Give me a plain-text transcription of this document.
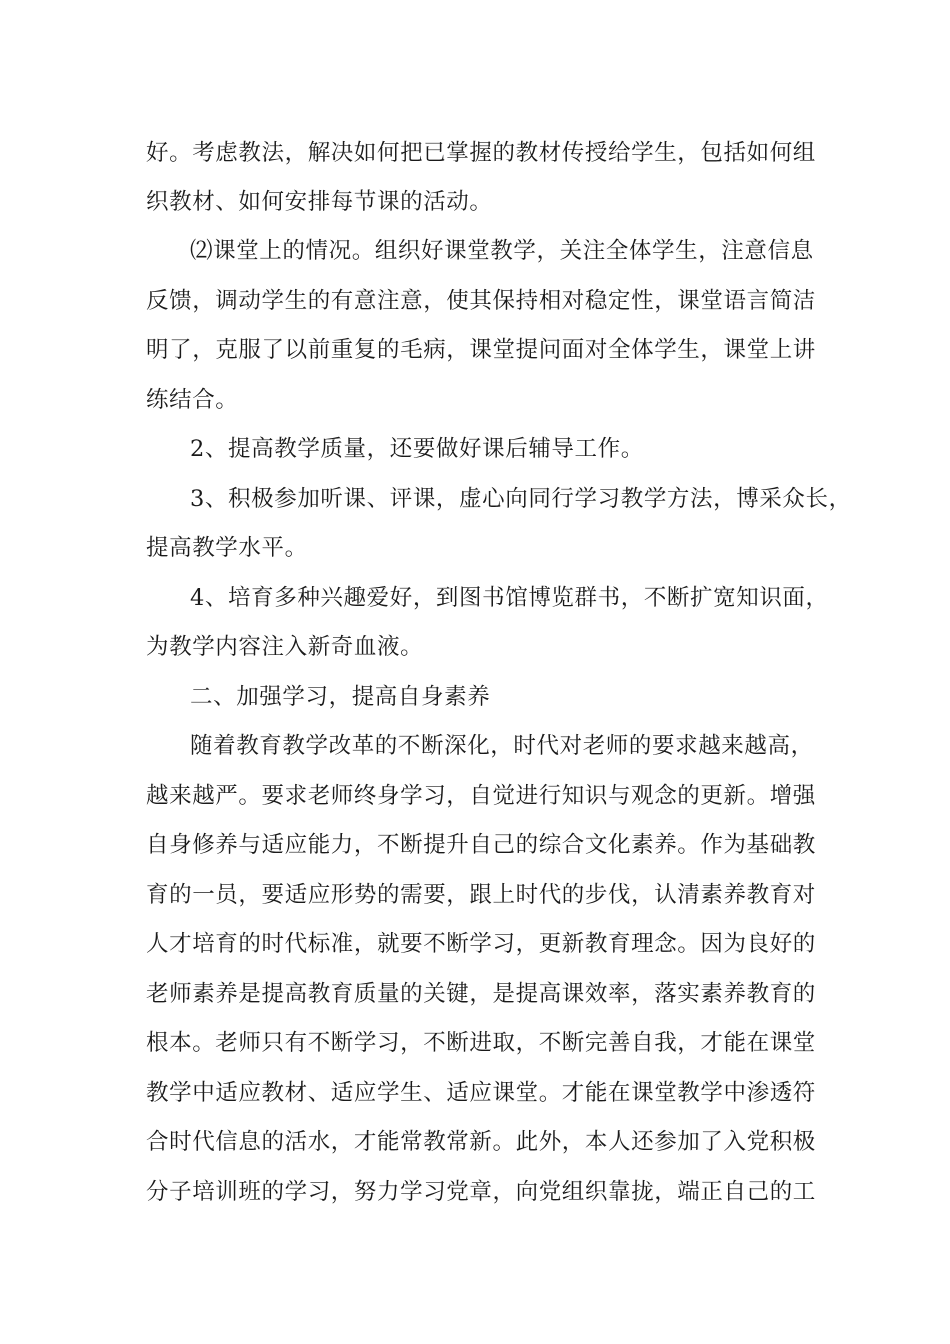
好。考虑教法，解决如何把已掌握的教材传授给学生，包括如何组
织教材、如何安排每节课的活动。
⑵课堂上的情况。组织好课堂教学，关注全体学生，注意信息
反馈，调动学生的有意注意，使其保持相对稳定性，课堂语言简洁
明了，克服了以前重复的毛病，课堂提问面对全体学生，课堂上讲
练结合。
2、提高教学质量，还要做好课后辅导工作。
3、积极参加听课、评课，虚心向同行学习教学方法，博采众长，
提高教学水平。
4、培育多种兴趣爱好，到图书馆博览群书，不断扩宽知识面，
为教学内容注入新奇血液。
二、加强学习，提高自身素养
随着教育教学改革的不断深化，时代对老师的要求越来越高，
越来越严。要求老师终身学习，自觉进行知识与观念的更新。增强
自身修养与适应能力，不断提升自己的综合文化素养。作为基础教
育的一员，要适应形势的需要，跟上时代的步伐，认清素养教育对
人才培育的时代标准，就要不断学习，更新教育理念。因为良好的
老师素养是提高教育质量的关键，是提高课效率，落实素养教育的
根本。老师只有不断学习，不断进取，不断完善自我，才能在课堂
教学中适应教材、适应学生、适应课堂。才能在课堂教学中渗透符
合时代信息的活水，才能常教常新。此外，本人还参加了入党积极
分子培训班的学习，努力学习党章，向党组织靠拢，端正自己的工
